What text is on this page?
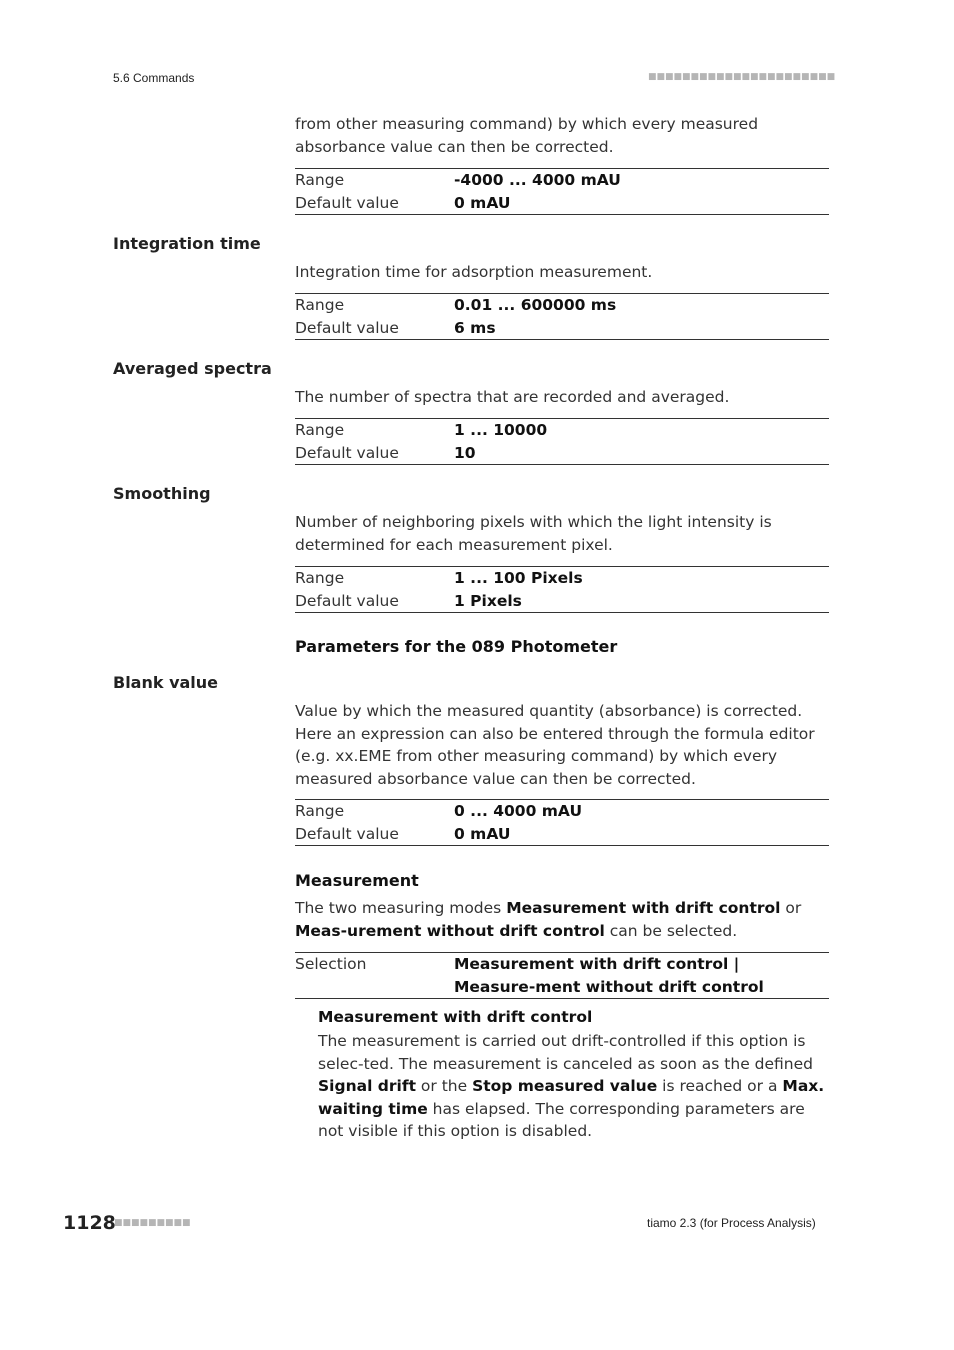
5.6 Commands	■■■■■■■■■■■■■■■■■■■■■■
from other measuring command) by which every measured absorbance value can then be corrected.
Range	-4000 ... 4000 mAU
Default value	0 mAU
Integration time
Integration time for adsorption measurement.
Range	0.01 ... 600000 ms
Default value	6 ms
Averaged spectra
The number of spectra that are recorded and averaged.
Range	1 ... 10000
Default value	10
Smoothing
Number of neighboring pixels with which the light intensity is determined for each measurement pixel.
Range	1 ... 100 Pixels
Default value	1 Pixels
Parameters for the 089 Photometer
Blank value
Value by which the measured quantity (absorbance) is corrected. Here an expression can also be entered through the formula editor (e.g. xx.EME from other measuring command) by which every measured absorbance value can then be corrected.
Range	0 ... 4000 mAU
Default value	0 mAU
Measurement
The two measuring modes Measurement with drift control or Meas-urement without drift control can be selected.
Selection	Measurement with drift control | Measure-ment without drift control
Measurement with drift control
The measurement is carried out drift-controlled if this option is selec-ted. The measurement is canceled as soon as the defined Signal drift or the Stop measured value is reached or a Max. waiting time has elapsed. The corresponding parameters are not visible if this option is disabled.
1128
■■■■■■■■■	tiamo 2.3 (for Process Analysis)
